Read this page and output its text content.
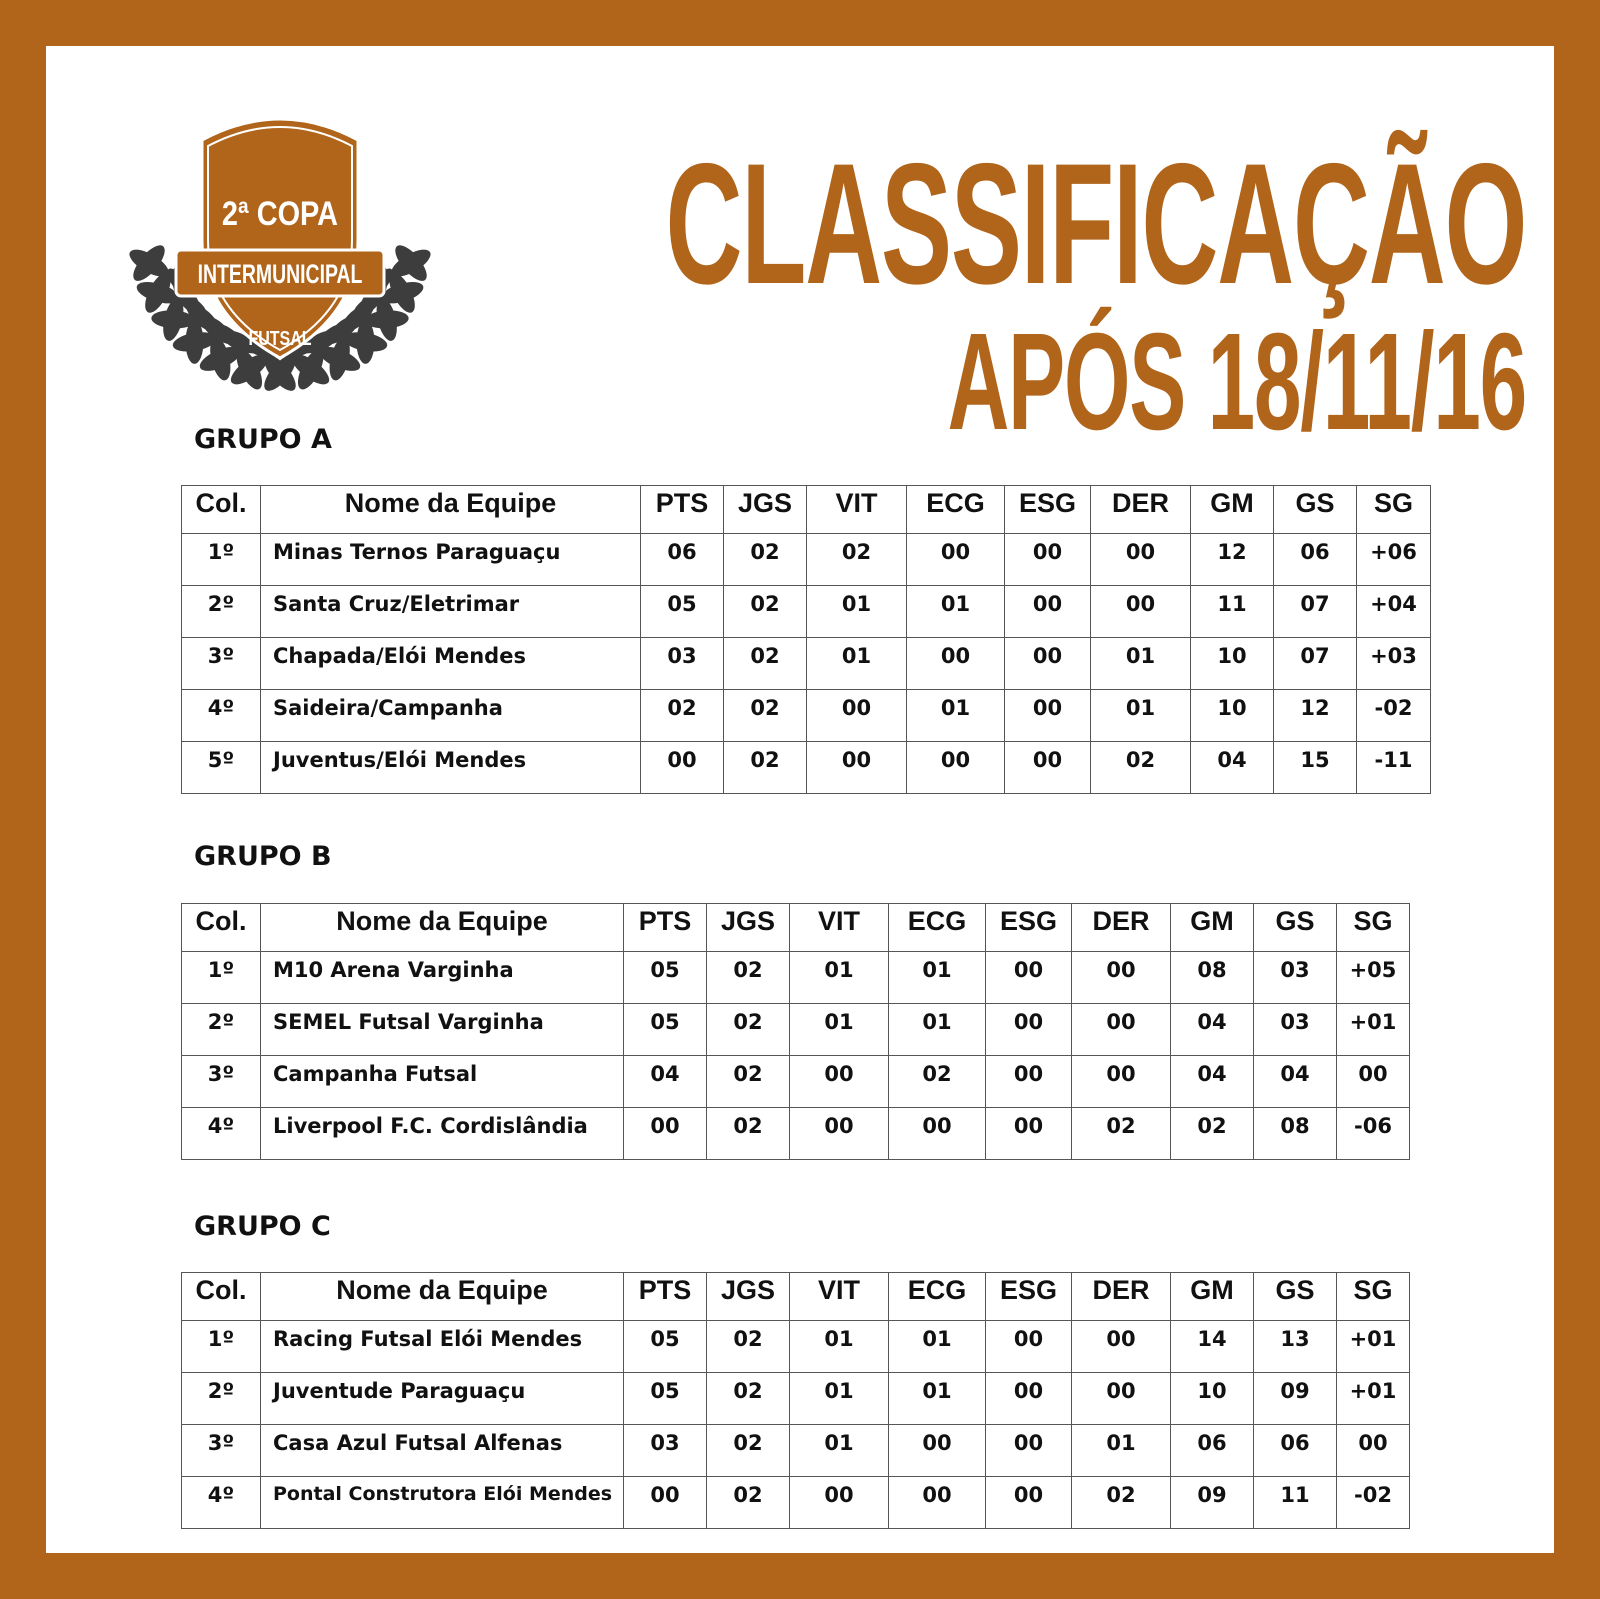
2ª COPA
INTERMUNICIPAL
FUTSAL
CLASSIFICAÇÃO
APÓS 18/11/16
GRUPO A
Col.	Nome da Equipe	PTS	JGS	VIT	ECG	ESG	DER	GM	GS	SG
1º	Minas Ternos Paraguaçu	06	02	02	00	00	00	12	06	+06
2º	Santa Cruz/Eletrimar	05	02	01	01	00	00	11	07	+04
3º	Chapada/Elói Mendes	03	02	01	00	00	01	10	07	+03
4º	Saideira/Campanha	02	02	00	01	00	01	10	12	-02
5º	Juventus/Elói Mendes	00	02	00	00	00	02	04	15	-11
GRUPO B
Col.	Nome da Equipe	PTS	JGS	VIT	ECG	ESG	DER	GM	GS	SG
1º	M10 Arena Varginha	05	02	01	01	00	00	08	03	+05
2º	SEMEL Futsal Varginha	05	02	01	01	00	00	04	03	+01
3º	Campanha Futsal	04	02	00	02	00	00	04	04	00
4º	Liverpool F.C. Cordislândia	00	02	00	00	00	02	02	08	-06
GRUPO C
Col.	Nome da Equipe	PTS	JGS	VIT	ECG	ESG	DER	GM	GS	SG
1º	Racing Futsal Elói Mendes	05	02	01	01	00	00	14	13	+01
2º	Juventude Paraguaçu	05	02	01	01	00	00	10	09	+01
3º	Casa Azul Futsal Alfenas	03	02	01	00	00	01	06	06	00
4º	Pontal Construtora Elói Mendes	00	02	00	00	00	02	09	11	-02
